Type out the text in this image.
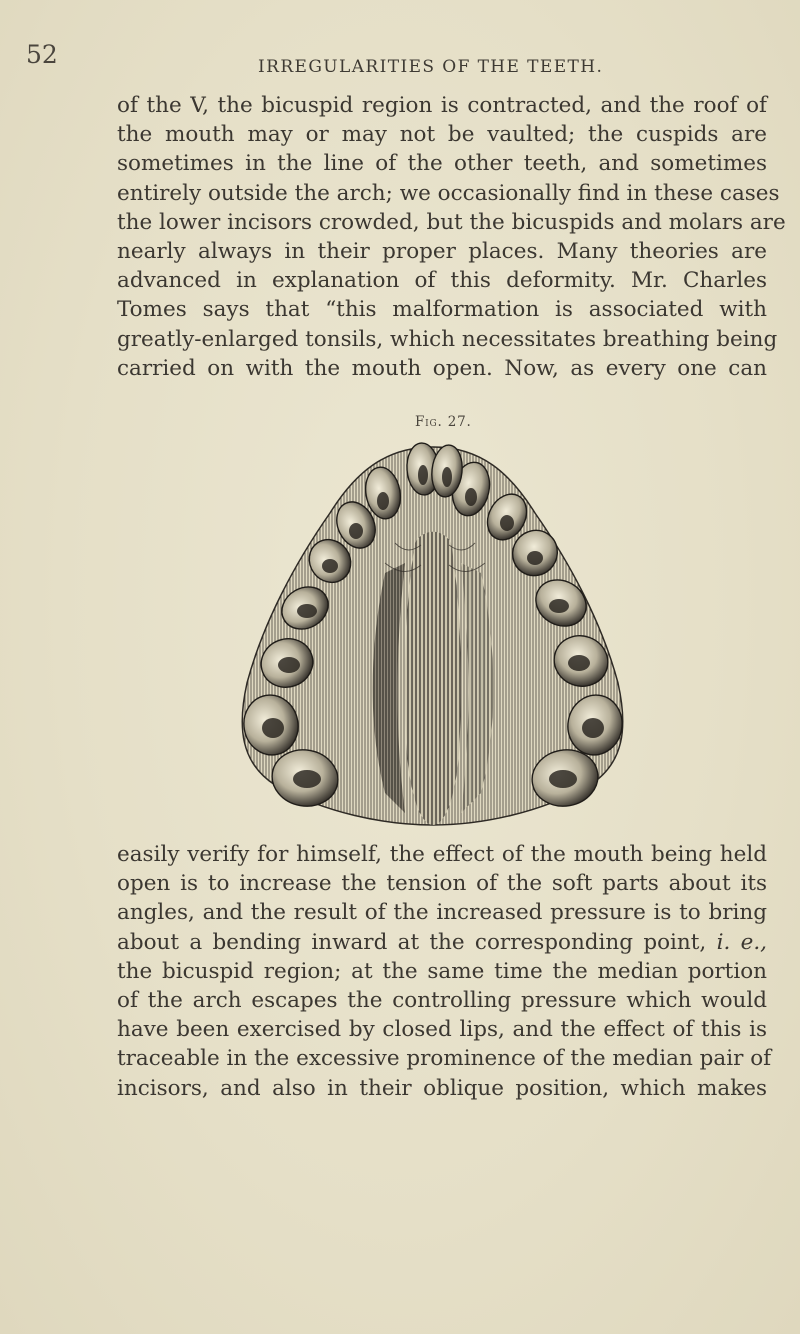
52	IRREGULARITIES OF THE TEETH.
of the V, the bicuspid region is contracted, and the roof of
the mouth may or may not be vaulted; the cuspids are
sometimes in the line of the other teeth, and sometimes
entirely outside the arch; we occasionally find in these cases
the lower incisors crowded, but the bicuspids and molars are
nearly always in their proper places. Many theories are
advanced in explanation of this deformity. Mr. Charles
Tomes says that “this malformation is associated with
greatly-enlarged tonsils, which necessitates breathing being
carried on with the mouth open. Now, as every one can
Fig. 27.
easily verify for himself, the effect of the mouth being held
open is to increase the tension of the soft parts about its
angles, and the result of the increased pressure is to bring
about a bending inward at the corresponding point, i. e.,
the bicuspid region; at the same time the median portion
of the arch escapes the controlling pressure which would
have been exercised by closed lips, and the effect of this is
traceable in the excessive prominence of the median pair of
incisors, and also in their oblique position, which makes
